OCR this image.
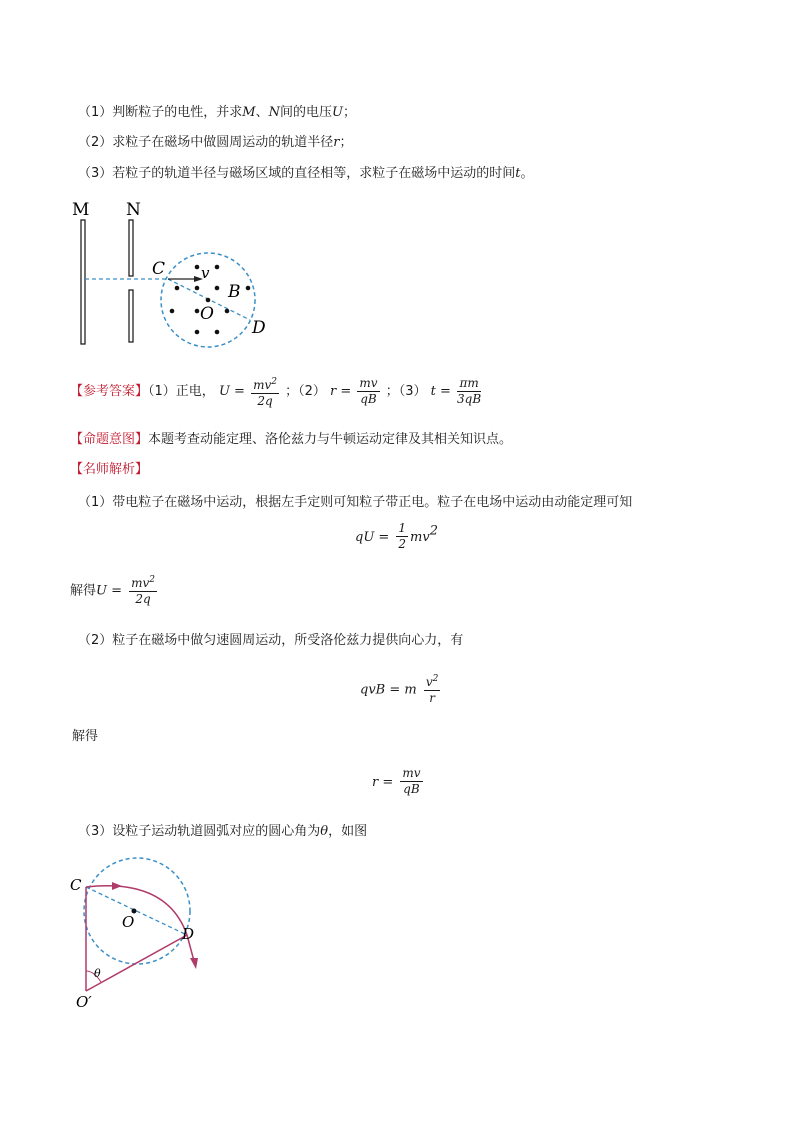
（1）判断粒子的电性，并求M、N间的电压U；
（2）求粒子在磁场中做圆周运动的轨道半径r；
（3）若粒子的轨道半径与磁场区域的直径相等，求粒子在磁场中运动的时间t。
M N
C v
B
O
D
【参考答案】（1）正电， $U = \frac{mv^2}{2q}$ ；（2） $r = \frac{mv}{qB}$ ；（3） $t = \frac{\pi m}{3qB}$
【命题意图】本题考查动能定理、洛伦兹力与牛顿运动定律及其相关知识点。
【名师解析】
（1）带电粒子在磁场中运动，根据左手定则可知粒子带正电。粒子在电场中运动由动能定理可知
qU = $\frac{1}{2} mv^2$
解得$U = \frac{mv^2}{2q}$
（2）粒子在磁场中做匀速圆周运动，所受洛伦兹力提供向心力，有
qvB = m $\frac{v^2}{r}$
解得
$r = \frac{mv}{qB}$
（3）设粒子运动轨道圆弧对应的圆心角为θ，如图
C
O
D
θ
O′
